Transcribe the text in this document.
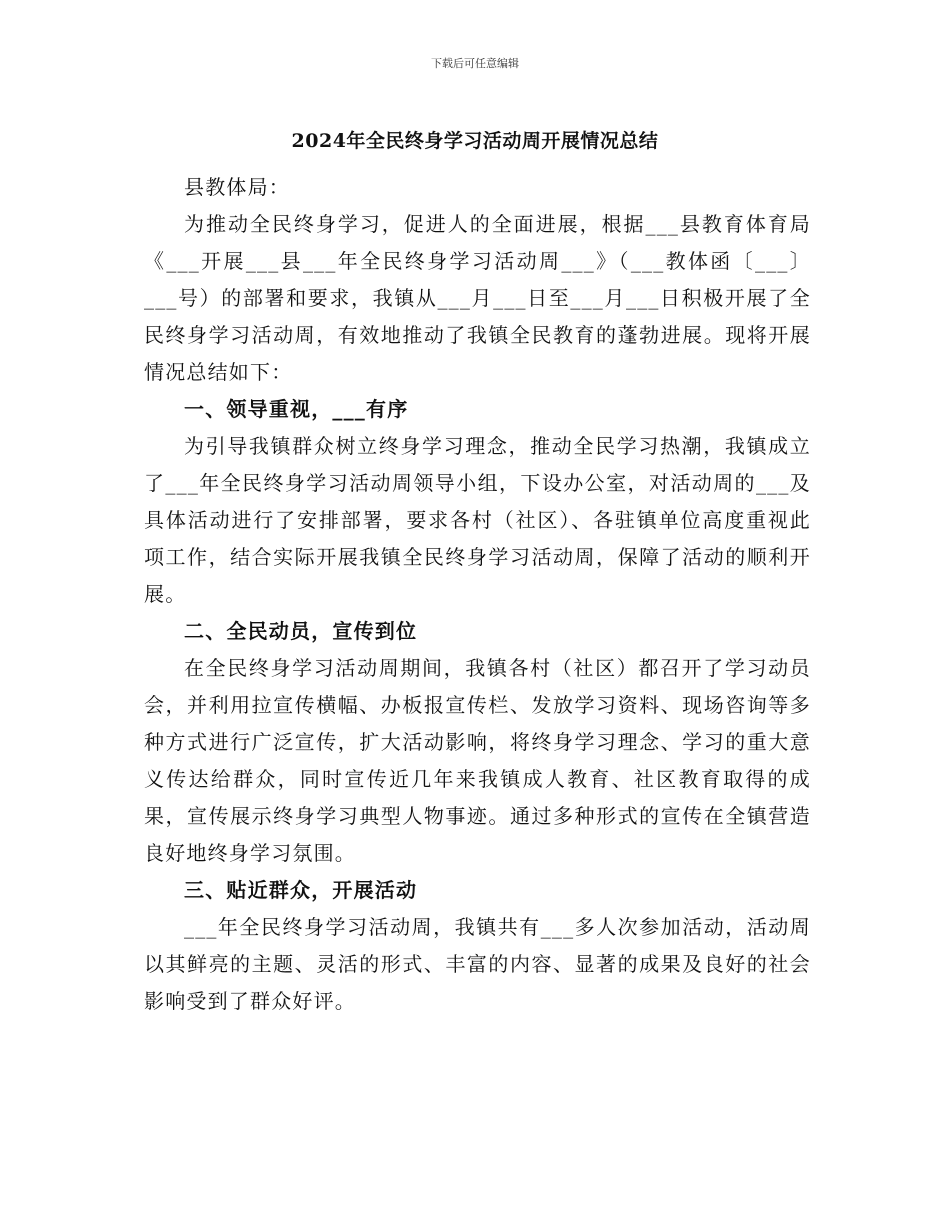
下载后可任意编辑
2024年全民终身学习活动周开展情况总结

县教体局：

为推动全民终身学习，促进人的全面进展，根据___县教育体育局《___开展___县___年全民终身学习活动周___》（___教体函〔___〕___号）的部署和要求，我镇从___月___日至___月___日积极开展了全民终身学习活动周，有效地推动了我镇全民教育的蓬勃进展。现将开展情况总结如下：

一、领导重视，___有序

为引导我镇群众树立终身学习理念，推动全民学习热潮，我镇成立了___年全民终身学习活动周领导小组，下设办公室，对活动周的___及具体活动进行了安排部署，要求各村（社区）、各驻镇单位高度重视此项工作，结合实际开展我镇全民终身学习活动周，保障了活动的顺利开展。

二、全民动员，宣传到位

在全民终身学习活动周期间，我镇各村（社区）都召开了学习动员会，并利用拉宣传横幅、办板报宣传栏、发放学习资料、现场咨询等多种方式进行广泛宣传，扩大活动影响，将终身学习理念、学习的重大意义传达给群众，同时宣传近几年来我镇成人教育、社区教育取得的成果，宣传展示终身学习典型人物事迹。通过多种形式的宣传在全镇营造良好地终身学习氛围。

三、贴近群众，开展活动

___年全民终身学习活动周，我镇共有___多人次参加活动，活动周以其鲜亮的主题、灵活的形式、丰富的内容、显著的成果及良好的社会影响受到了群众好评。
